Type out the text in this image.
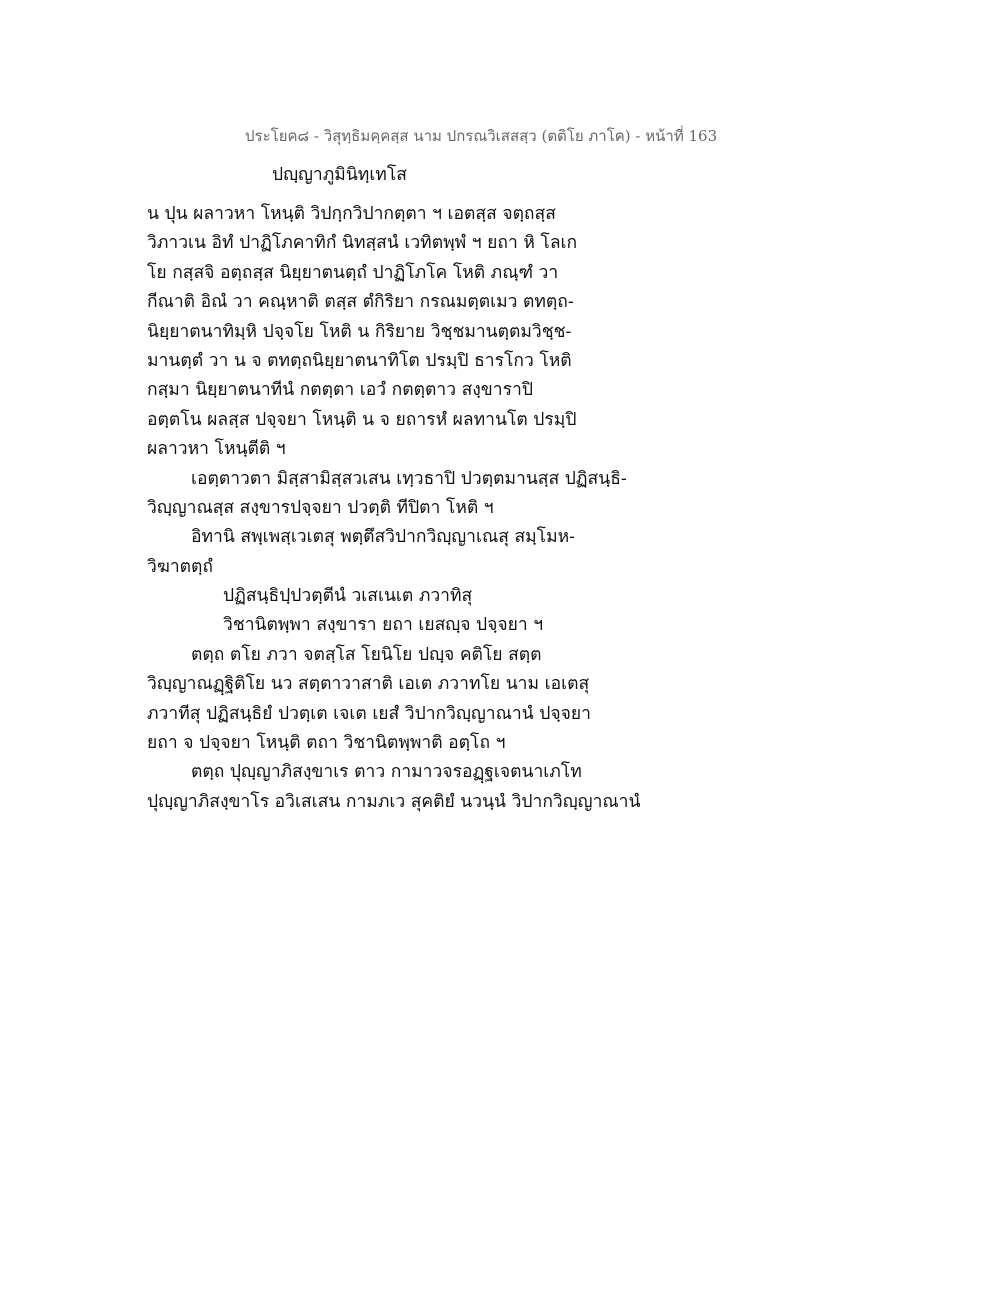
ประโยค๘ - วิสุทฺธิมคฺคสฺส นาม ปกรณวิเสสสฺว (ตติโย ภาโค) - หน้าที่ 163
ปญฺญาภูมินิทฺเทโส
น ปุน ผลาวหา โหนฺติ วิปกฺกวิปากตฺตา ฯ เอตสฺส จตฺถสฺส
วิภาวเน อิทํ ปาฏิโภคาทิกํ นิทสฺสนํ เวทิตพฺพํ ฯ ยถา หิ โลเก
โย กสฺสจิ อตฺถสฺส นิยฺยาตนตฺถํ ปาฏิโภโค โหติ ภณฺฑํ วา
กีณาติ อิณํ วา คณฺหาติ ตสฺส ตํกิริยา กรณมตฺตเมว ตทตฺถ-
นิยฺยาตนาทิมฺหิ ปจฺจโย โหติ น กิริยาย วิชฺชมานตฺตมวิชฺช-
มานตฺตํ วา น จ ตทตฺถนิยฺยาตนาทิโต ปรมฺปิ ธารโกว โหติ
กสฺมา นิยฺยาตนาทีนํ กตตฺตา เอวํ กตตฺตาว สงฺขาราปิ
อตฺตโน ผลสฺส ปจฺจยา โหนฺติ น จ ยถารหํ ผลทานโต ปรมฺปิ
ผลาวหา โหนฺตีติ ฯ
เอตฺตาวตา มิสฺสามิสฺสวเสน เทฺวธาปิ ปวตฺตมานสฺส ปฏิสนฺธิ-
วิญฺญาณสฺส สงฺขารปจฺจยา ปวตฺติ ทีปิตา โหติ ฯ
อิทานิ สพฺเพสฺเวเตสุ พตฺตึสวิปากวิญฺญาเณสุ สมฺโมห-
วิฆาตตฺถํ
ปฏิสนฺธิปฺปวตฺตีนํ วเสเนเต ภวาทิสุ
วิชานิตพฺพา สงฺขารา ยถา เยสญฺจ ปจฺจยา ฯ
ตตฺถ ตโย ภวา จตสฺโส โยนิโย ปญฺจ คติโย สตฺต
วิญฺญาณฏฺฐิติโย นว สตฺตาวาสาติ เอเต ภวาทโย นาม เอเตสุ
ภวาทีสุ ปฏิสนฺธิยํ ปวตฺเต เจเต เยสํ วิปากวิญฺญาณานํ ปจฺจยา
ยถา จ ปจฺจยา โหนฺติ ตถา วิชานิตพฺพาติ อตฺโถ ฯ
ตตฺถ ปุญฺญาภิสงฺขาเร ตาว กามาวจรอฏฺฐเจตนาเภโท
ปุญฺญาภิสงฺขาโร อวิเสเสน กามภเว สุคติยํ นวนฺนํ วิปากวิญฺญาณานํ
